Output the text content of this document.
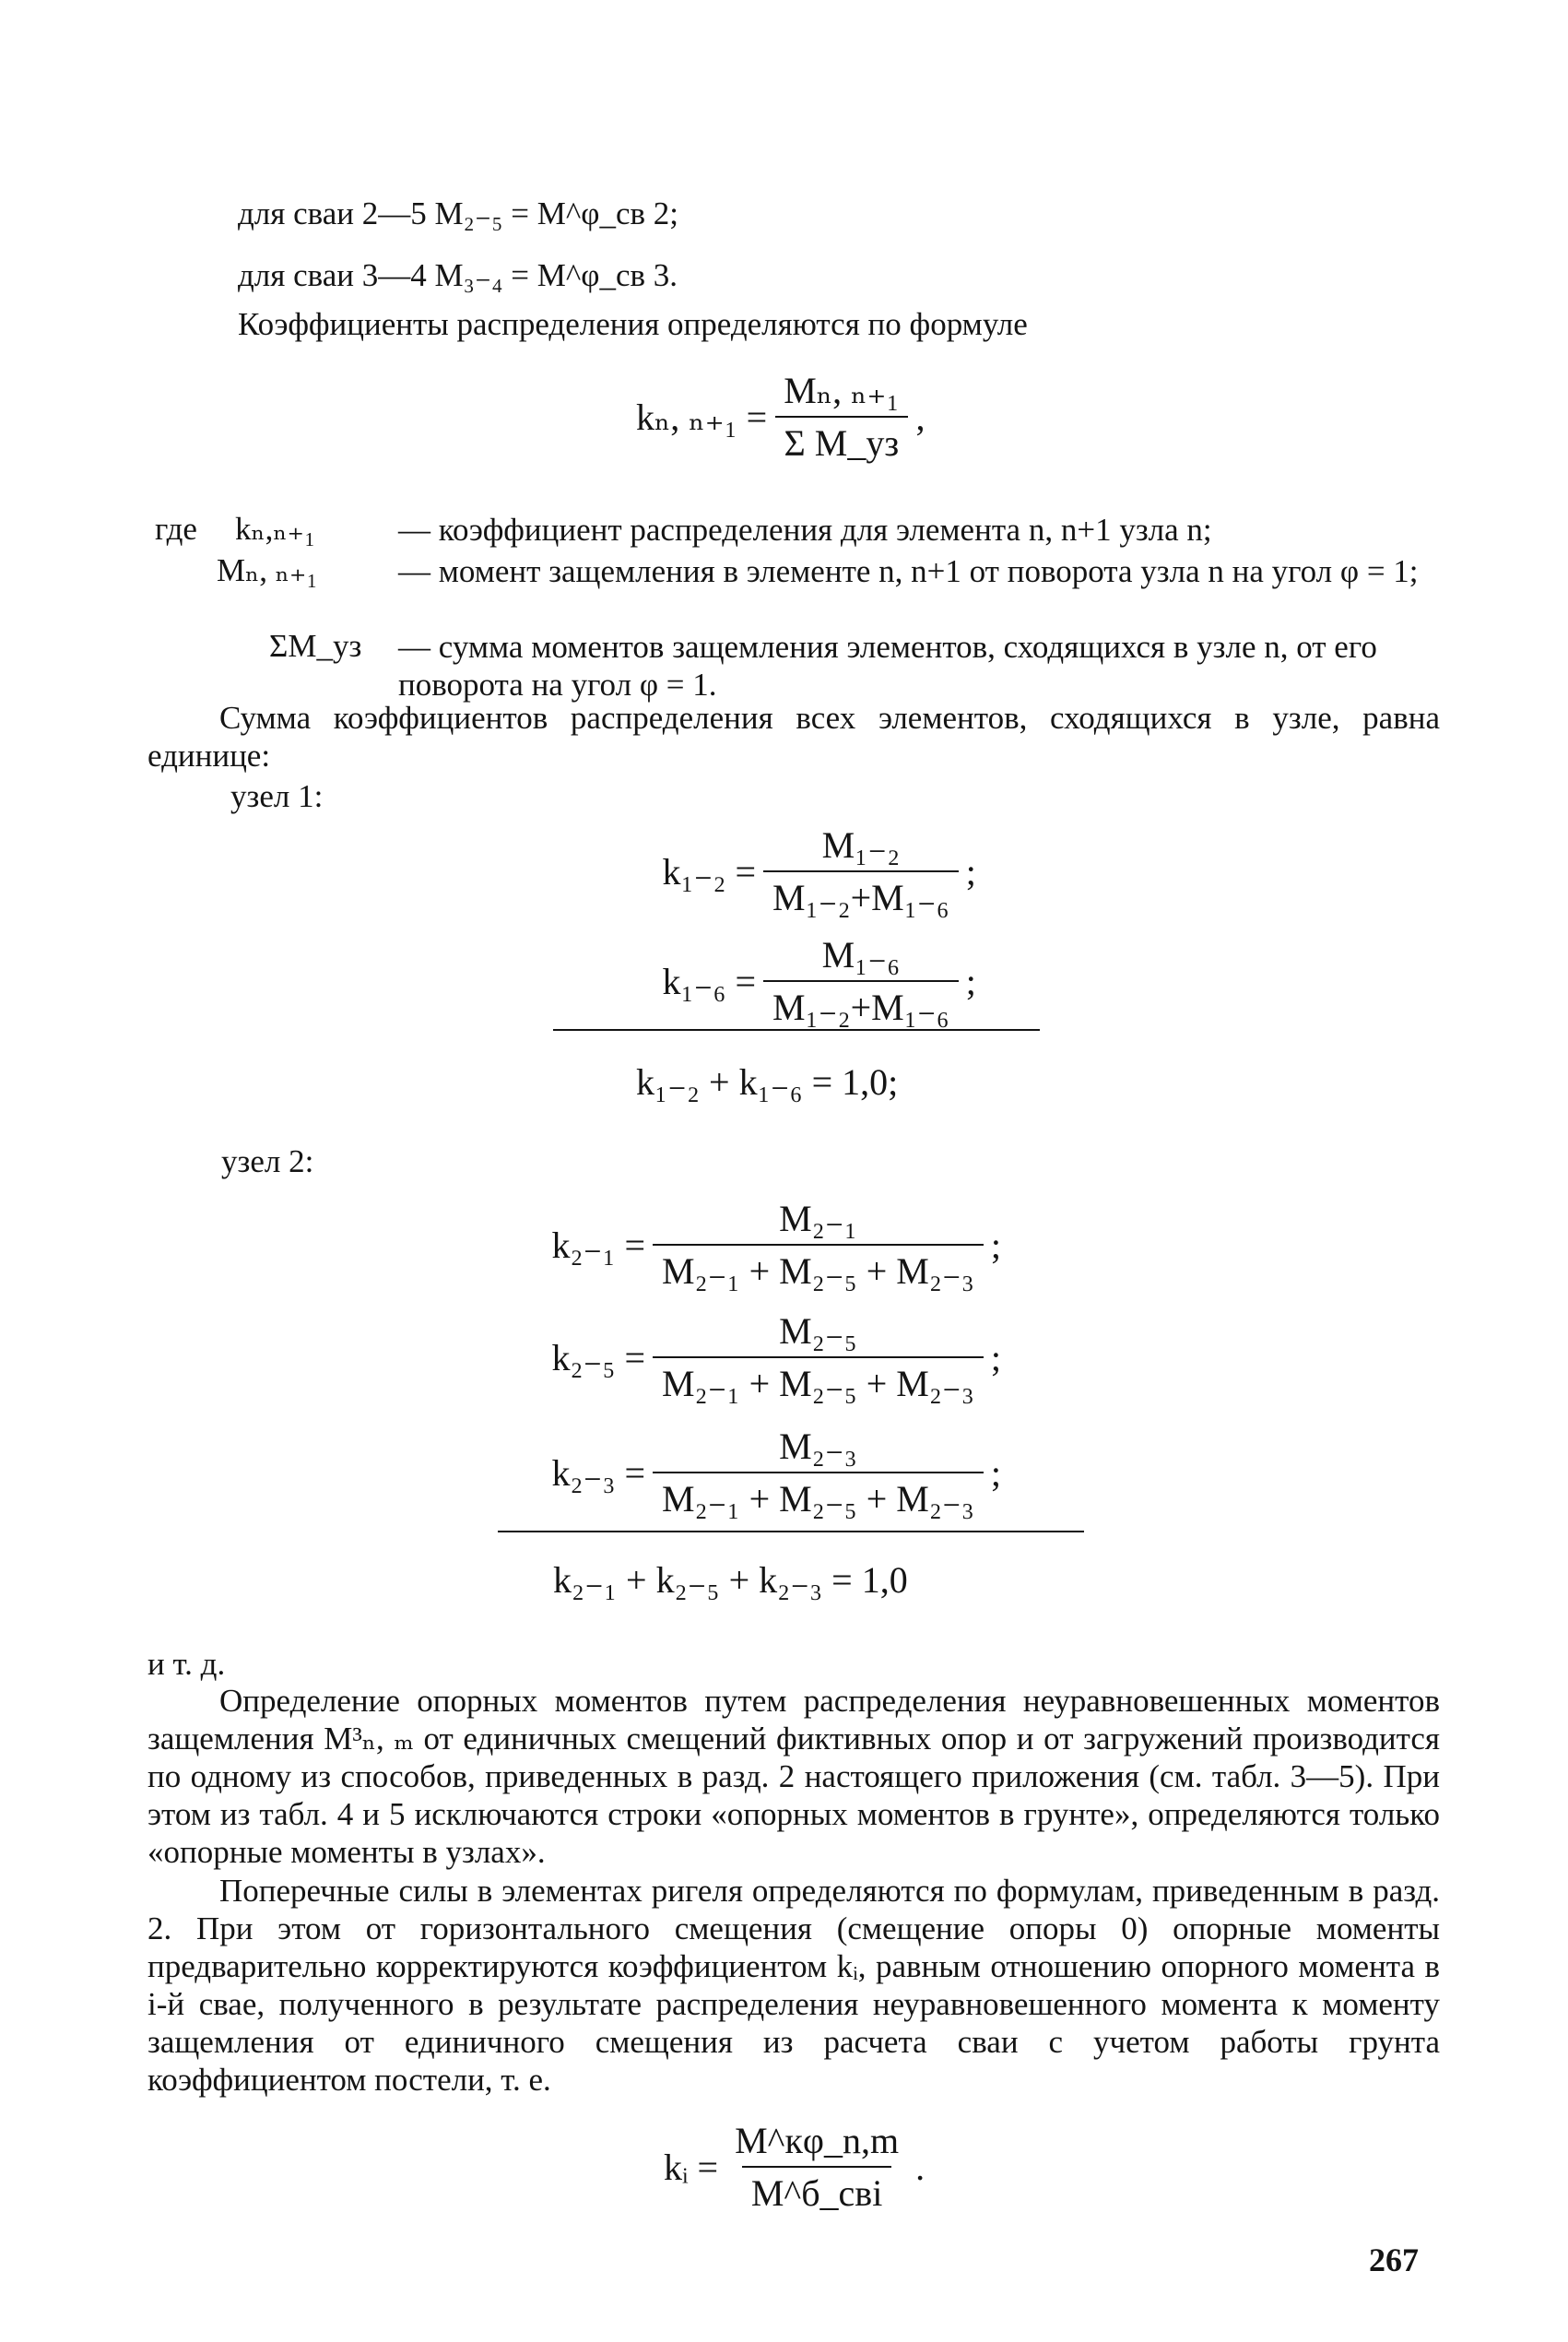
для сваи 2—5 M₂₋₅ = M^φ_св 2;
для сваи 3—4 M₃₋₄ = M^φ_св 3.
Коэффициенты распределения определяются по формуле
kₙ, $_{n+1} = \frac{\text{Mₙ, ₙ₊₁}}{\text{Σ M\_уз}}$ ,
где kₙ,ₙ₊₁	— коэффициент распределения для элемента n, n+1 узла n;
Mₙ, ₙ₊₁ — момент защемления в элементе n, n+1 от поворота узла n на угол φ = 1;
ΣM_уз — сумма моментов защемления элементов, сходящихся в узле n, от его поворота на угол φ = 1.
Сумма коэффициентов распределения всех элементов, сходящихся в узле, равна единице:
узел 1:
$k_{1-2} = \frac{\text{M₁₋₂}}{\text{M₁₋₂+M₁₋₆}}$ ;
$k_{1-6} = \frac{\text{M₁₋₆}}{\text{M₁₋₂+M₁₋₆}}$ ;
k₁₋₂ + k₁₋₆ = 1,0;
узел 2:
$k_{2-1} = \frac{\text{M₂₋₁}}{\text{M₂₋₁ + M₂₋₅ + M₂₋₃}}$ ;
$k_{2-5} = \frac{\text{M₂₋₅}}{\text{M₂₋₁ + M₂₋₅ + M₂₋₃}}$ ;
$k_{2-3} = \frac{\text{M₂₋₃}}{\text{M₂₋₁ + M₂₋₅ + M₂₋₃}}$ ;
k₂₋₁ + k₂₋₅ + k₂₋₃ = 1,0
и т. д.
Определение опорных моментов путем распределения неуравновешенных моментов защемления M³ₙ, ₘ от единичных смещений фиктивных опор и от загружений производится по одному из способов, приведенных в разд. 2 настоящего приложения (см. табл. 3—5). При этом из табл. 4 и 5 исключаются строки «опорных моментов в грунте», определяются только «опорные моменты в узлах».
Поперечные силы в элементах ригеля определяются по формулам, приведенным в разд. 2. При этом от горизонтального смещения (смещение опоры 0) опорные моменты предварительно корректируются коэффициентом kᵢ, равным отношению опорного момента в i-й свае, полученного в результате распределения неуравновешенного момента к моменту защемления от единичного смещения из расчета сваи с учетом работы грунта коэффициентом постели, т. е.
kᵢ = $\frac{M\^{}к\varphi\_n,m}{\text{M\textasciicircum{}б\_свi}}$ .
267
